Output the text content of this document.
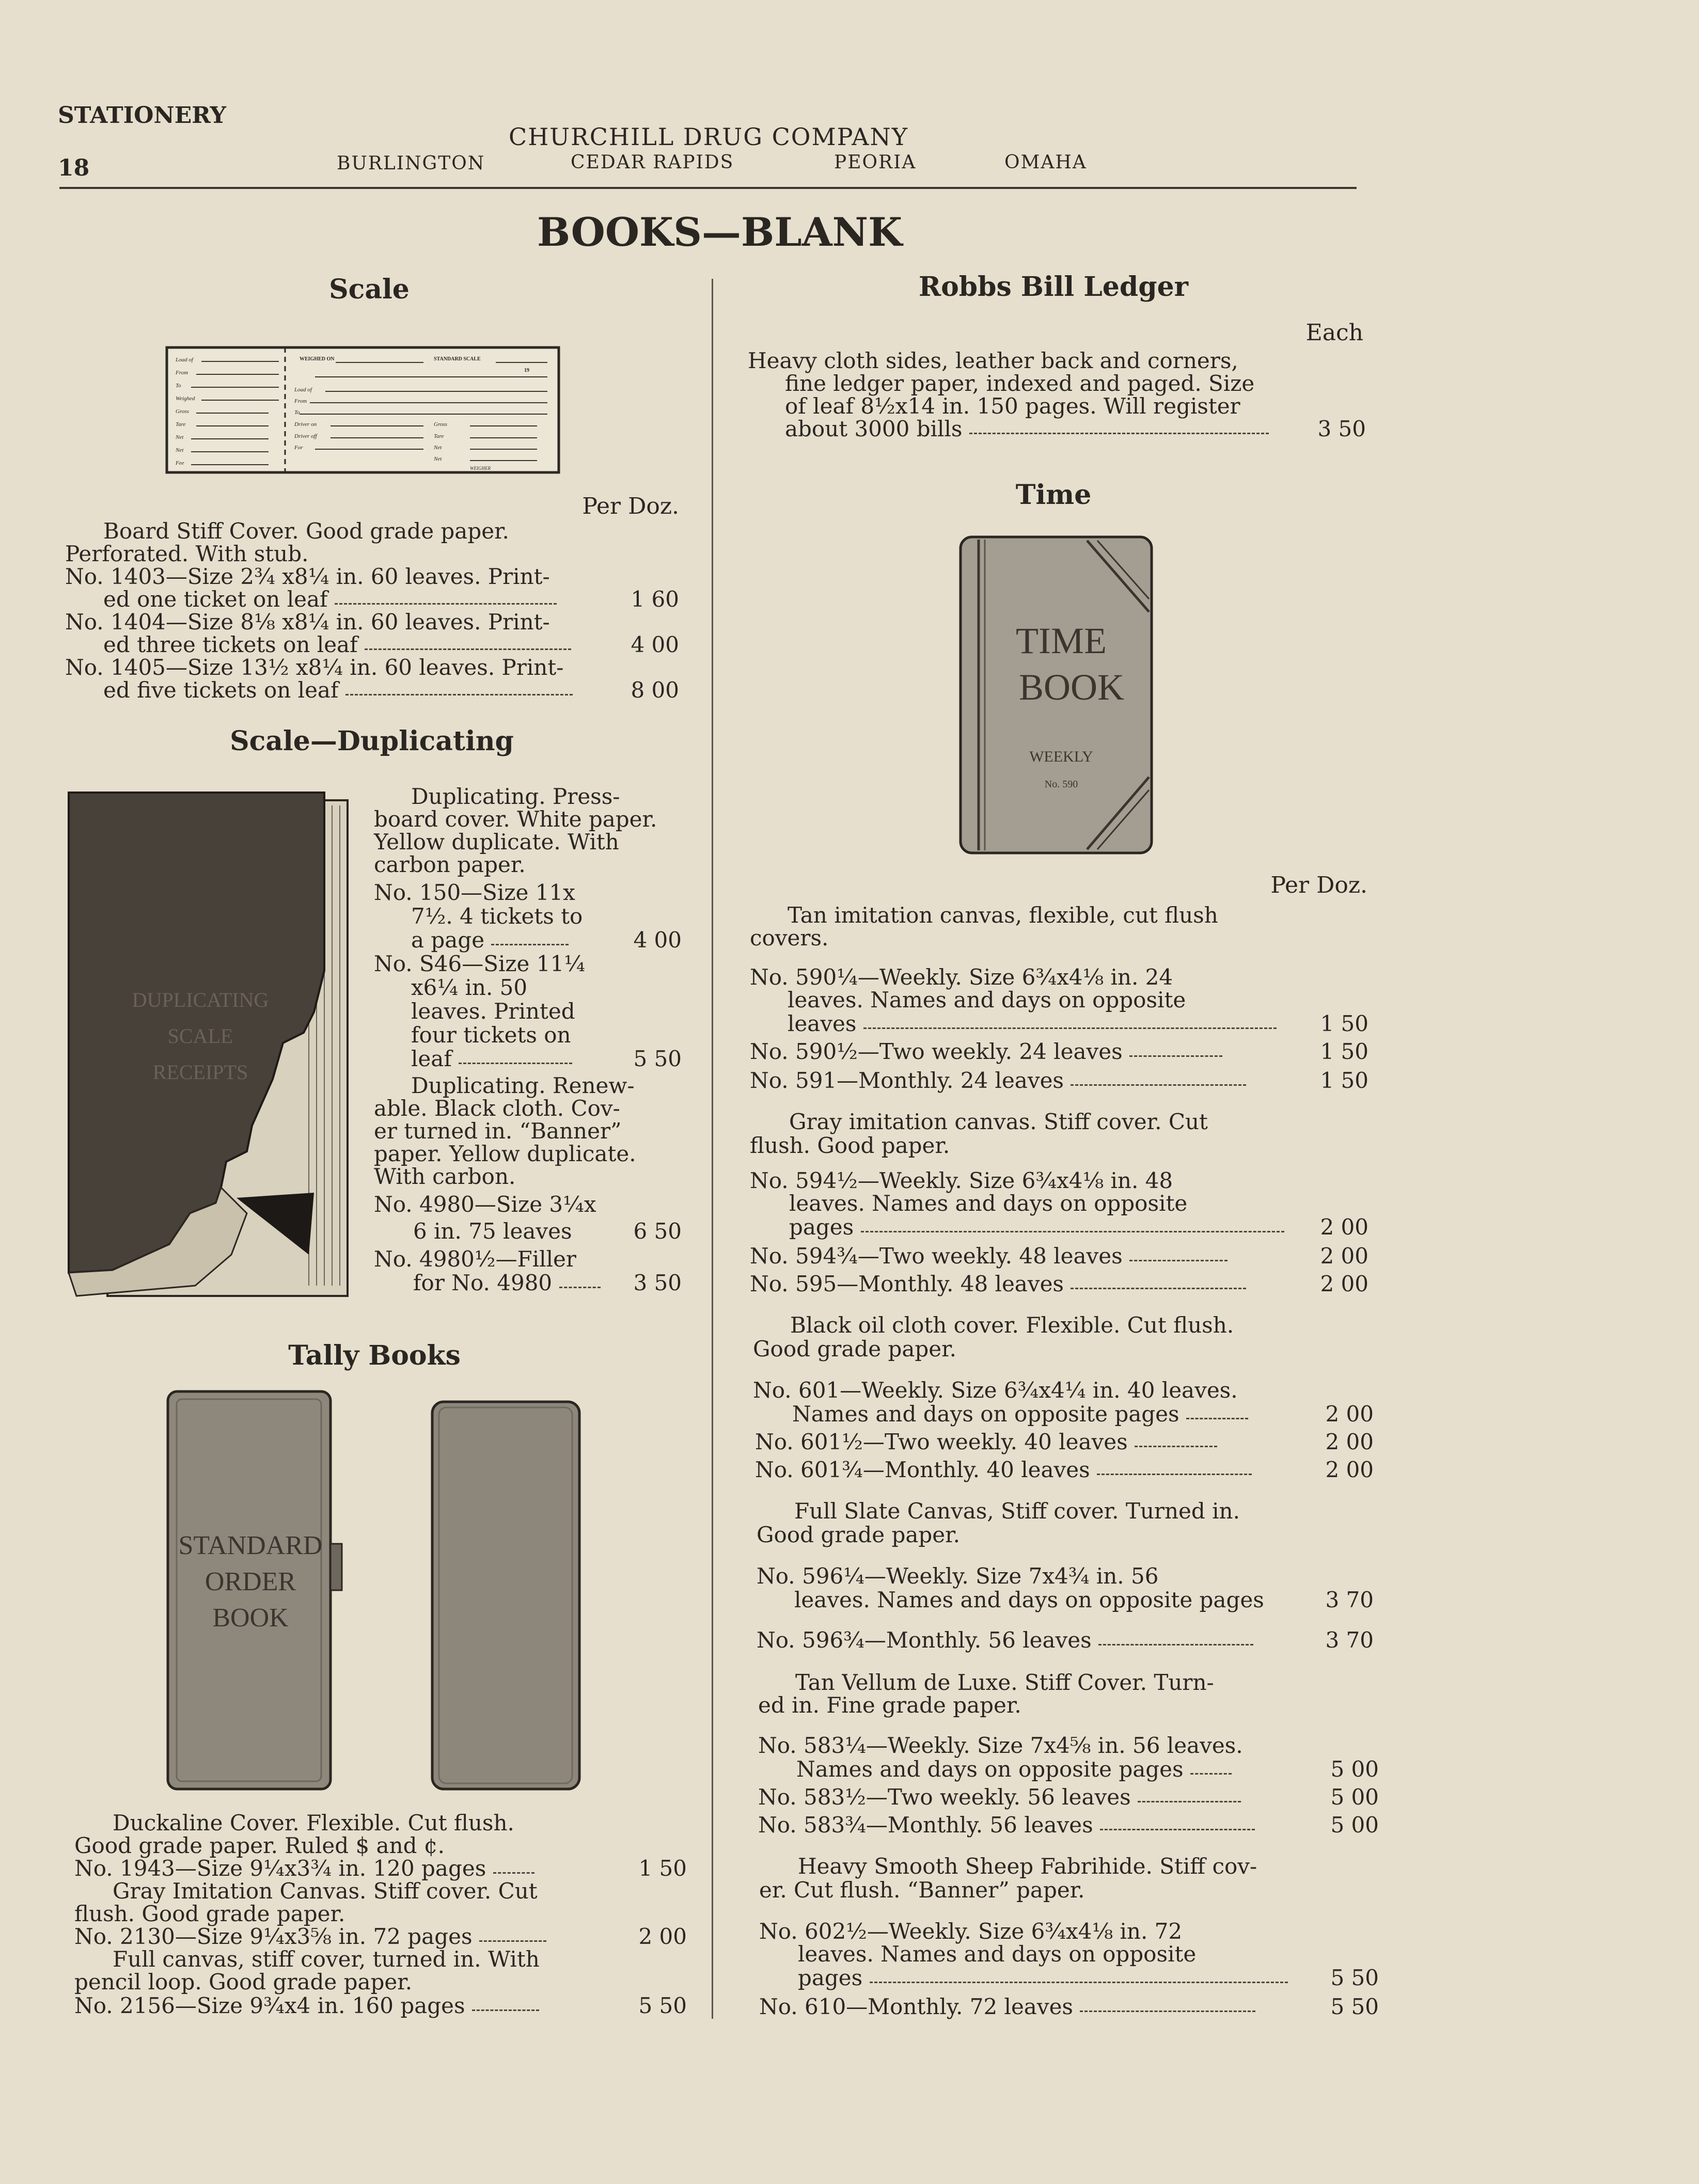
STATIONERY
18
CHURCHILL DRUG COMPANY
BURLINGTON	CEDAR RAPIDS	PEORIA	OMAHA
BOOKS—BLANK
Scale
Load of
From
To
Weighed
Gross
Tare
Net
Net
Fee
Load of
From
To
Driver on
Driver off
For
Gross
Tare
Net
Net
WEIGHER
WEIGHED ON	STANDARD SCALE
19
Per Doz.
Board Stiff Cover. Good grade paper.
Perforated. With stub.
No. 1403—Size 2¾ x8¼ in. 60 leaves. Print-
ed one ticket on leaf	1 60
No. 1404—Size 8⅛ x8¼ in. 60 leaves. Print-
ed three tickets on leaf	4 00
No. 1405—Size 13½ x8¼ in. 60 leaves. Print-
ed five tickets on leaf	8 00
Scale—Duplicating
DUPLICATING
SCALE
RECEIPTS
Duplicating. Press-
board cover. White paper.
Yellow duplicate. With
carbon paper.
No. 150—Size 11x
7½. 4 tickets to
a page	4 00
No. S46—Size 11¼
x6¼ in. 50
leaves. Printed
four tickets on
leaf	5 50
Duplicating. Renew-
able. Black cloth. Cov-
er turned in. “Banner”
paper. Yellow duplicate.
With carbon.
No. 4980—Size 3¼x
6 in. 75 leaves	6 50
No. 4980½—Filler
for No. 4980	3 50
Tally Books
STANDARD
ORDER
BOOK
Duckaline Cover. Flexible. Cut flush.
Good grade paper. Ruled $ and ¢.
No. 1943—Size 9¼x3¾ in. 120 pages	1 50
Gray Imitation Canvas. Stiff cover. Cut
flush. Good grade paper.
No. 2130—Size 9¼x3⅝ in. 72 pages	2 00
Full canvas, stiff cover, turned in. With
pencil loop. Good grade paper.
No. 2156—Size 9¾x4 in. 160 pages	5 50
Robbs Bill Ledger
Each
Heavy cloth sides, leather back and corners,
fine ledger paper, indexed and paged. Size
of leaf 8½x14 in. 150 pages. Will register
about 3000 bills	3 50
Time
TIME
BOOK
WEEKLY
No. 590
Per Doz.
Tan imitation canvas, flexible, cut flush
covers.
No. 590¼—Weekly. Size 6¾x4⅛ in. 24
leaves. Names and days on opposite
leaves	1 50
No. 590½—Two weekly. 24 leaves	1 50
No. 591—Monthly. 24 leaves	1 50
Gray imitation canvas. Stiff cover. Cut
flush. Good paper.
No. 594½—Weekly. Size 6¾x4⅛ in. 48
leaves. Names and days on opposite
pages	2 00
No. 594¾—Two weekly. 48 leaves	2 00
No. 595—Monthly. 48 leaves	2 00
Black oil cloth cover. Flexible. Cut flush.
Good grade paper.
No. 601—Weekly. Size 6¾x4¼ in. 40 leaves.
Names and days on opposite pages	2 00
No. 601½—Two weekly. 40 leaves	2 00
No. 601¾—Monthly. 40 leaves	2 00
Full Slate Canvas, Stiff cover. Turned in.
Good grade paper.
No. 596¼—Weekly. Size 7x4¾ in. 56
leaves. Names and days on opposite pages	3 70
No. 596¾—Monthly. 56 leaves	3 70
Tan Vellum de Luxe. Stiff Cover. Turn-
ed in. Fine grade paper.
No. 583¼—Weekly. Size 7x4⅝ in. 56 leaves.
Names and days on opposite pages	5 00
No. 583½—Two weekly. 56 leaves	5 00
No. 583¾—Monthly. 56 leaves	5 00
Heavy Smooth Sheep Fabrihide. Stiff cov-
er. Cut flush. “Banner” paper.
No. 602½—Weekly. Size 6¾x4⅛ in. 72
leaves. Names and days on opposite
pages	5 50
No. 610—Monthly. 72 leaves	5 50
